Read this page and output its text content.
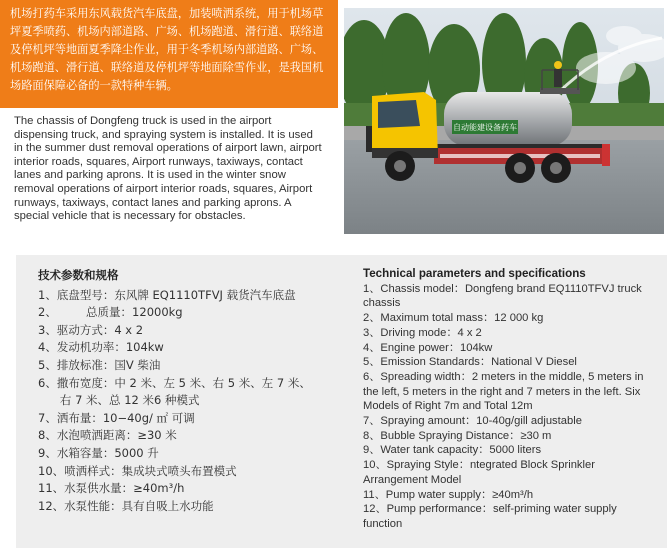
机场打药车采用东风载货汽车底盘，加装喷洒系统，用于机场草坪夏季喷药、机场内部道路、广场、机场跑道、滑行道、联络道及停机坪等地面夏季降尘作业，用于冬季机场内部道路、广场、机场跑道、滑行道、联络道及停机坪等地面除雪作业，是我国机场路面保障必备的一款特种车辆。
The chassis of Dongfeng truck is used in the airport dispensing truck, and spraying system is installed. It is used in the summer dust removal operations of airport lawn, airport interior roads, squares, Airport runways, taxiways, contact lanes and parking aprons. It is used in the winter snow removal operations of airport interior roads, squares, Airport runways, taxiways, contact lanes and parking aprons. A special vehicle that is necessary for obstacles.
自动能建设备药车
技术参数和规格
1、底盘型号：东风牌 EQ1110TFVJ 载货汽车底盘
2、        总质量：12000kg
3、驱动方式：4 x 2
4、发动机功率：104kw
5、排放标准：国Ⅴ 柴油
6、撒布宽度：中 2 米、左 5 米、右 5 米、左 7 米、
右 7 米、总 12 米6 种模式
7、洒布量：10−40g/ ㎡ 可调
8、水泡喷洒距离：≥30 米
9、水箱容量：5000 升
10、喷洒样式：集成块式喷头布置模式
11、水泵供水量：≥40m³/h
12、水泵性能：具有自吸上水功能
Technical parameters and specifications
1、Chassis model：Dongfeng brand EQ1110TFVJ truck chassis
2、Maximum total mass：12 000 kg
3、Driving mode：4 x 2
4、Engine power：104kw
5、Emission Standards：National V Diesel
6、Spreading width：2 meters in the middle, 5 meters in the left, 5 meters in the right and 7 meters in the left. Six Models of Right 7m and Total 12m
7、Spraying amount：10-40g/gill adjustable
8、Bubble Spraying Distance：≥30 m
9、Water tank capacity：5000 liters
10、Spraying Style：ntegrated Block Sprinkler Arrangement Model
11、Pump water supply：≥40m³/h
12、Pump performance：self-priming water supply function
